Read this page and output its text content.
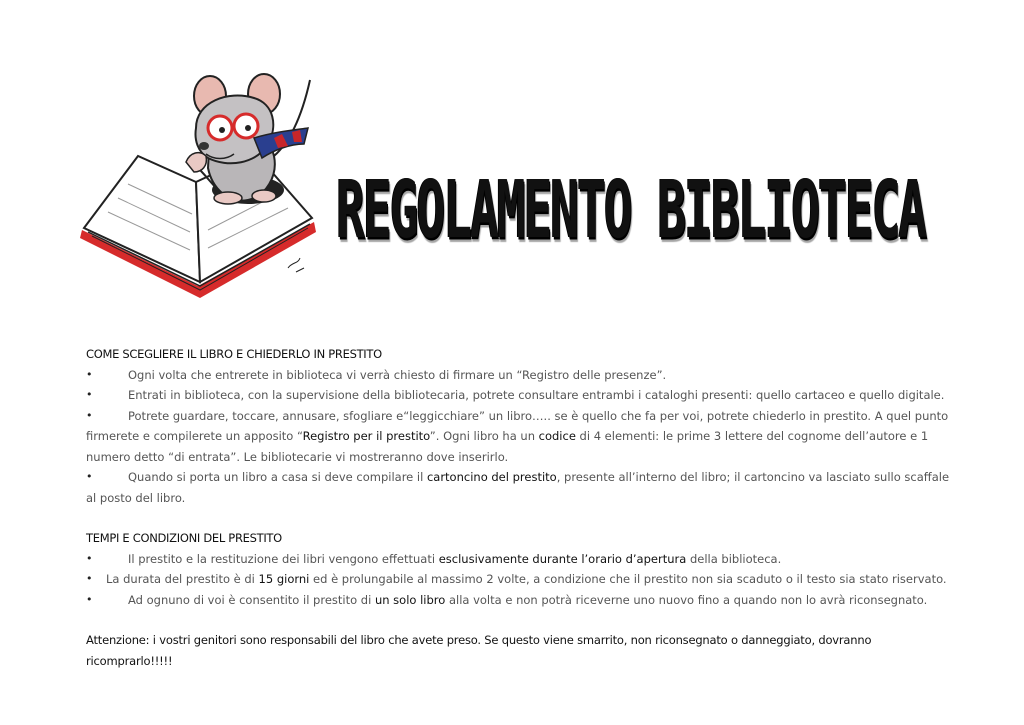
REGOLAMENTO BIBLIOTECA
COME SCEGLIERE IL LIBRO E CHIEDERLO IN PRESTITO
•	Ogni volta che entrerete in biblioteca vi verrà chiesto di firmare un “Registro delle presenze”.
•	Entrati in biblioteca, con la supervisione della bibliotecaria, potrete consultare entrambi i cataloghi presenti: quello cartaceo e quello digitale.
•	Potrete guardare, toccare, annusare, sfogliare e“leggicchiare” un libro….. se è quello che fa per voi, potrete chiederlo in prestito. A quel punto firmerete e compilerete un apposito “Registro per il prestito”. Ogni libro ha un codice di 4 elementi: le prime 3 lettere del cognome dell’autore e 1 numero detto “di entrata”. Le bibliotecarie vi mostreranno dove inserirlo.
•	Quando si porta un libro a casa si deve compilare il cartoncino del prestito, presente all’interno del libro; il cartoncino va lasciato sullo scaffale al posto del libro.
TEMPI E CONDIZIONI DEL PRESTITO
•	Il prestito e la restituzione dei libri vengono effettuati esclusivamente durante l’orario d’apertura della biblioteca.
• La durata del prestito è di 15 giorni ed è prolungabile al massimo 2 volte, a condizione che il prestito non sia scaduto o il testo sia stato riservato.
•	Ad ognuno di voi è consentito il prestito di un solo libro alla volta e non potrà riceverne uno nuovo fino a quando non lo avrà riconsegnato.
Attenzione: i vostri genitori sono responsabili del libro che avete preso. Se questo viene smarrito, non riconsegnato o danneggiato, dovranno ricomprarlo!!!!!
